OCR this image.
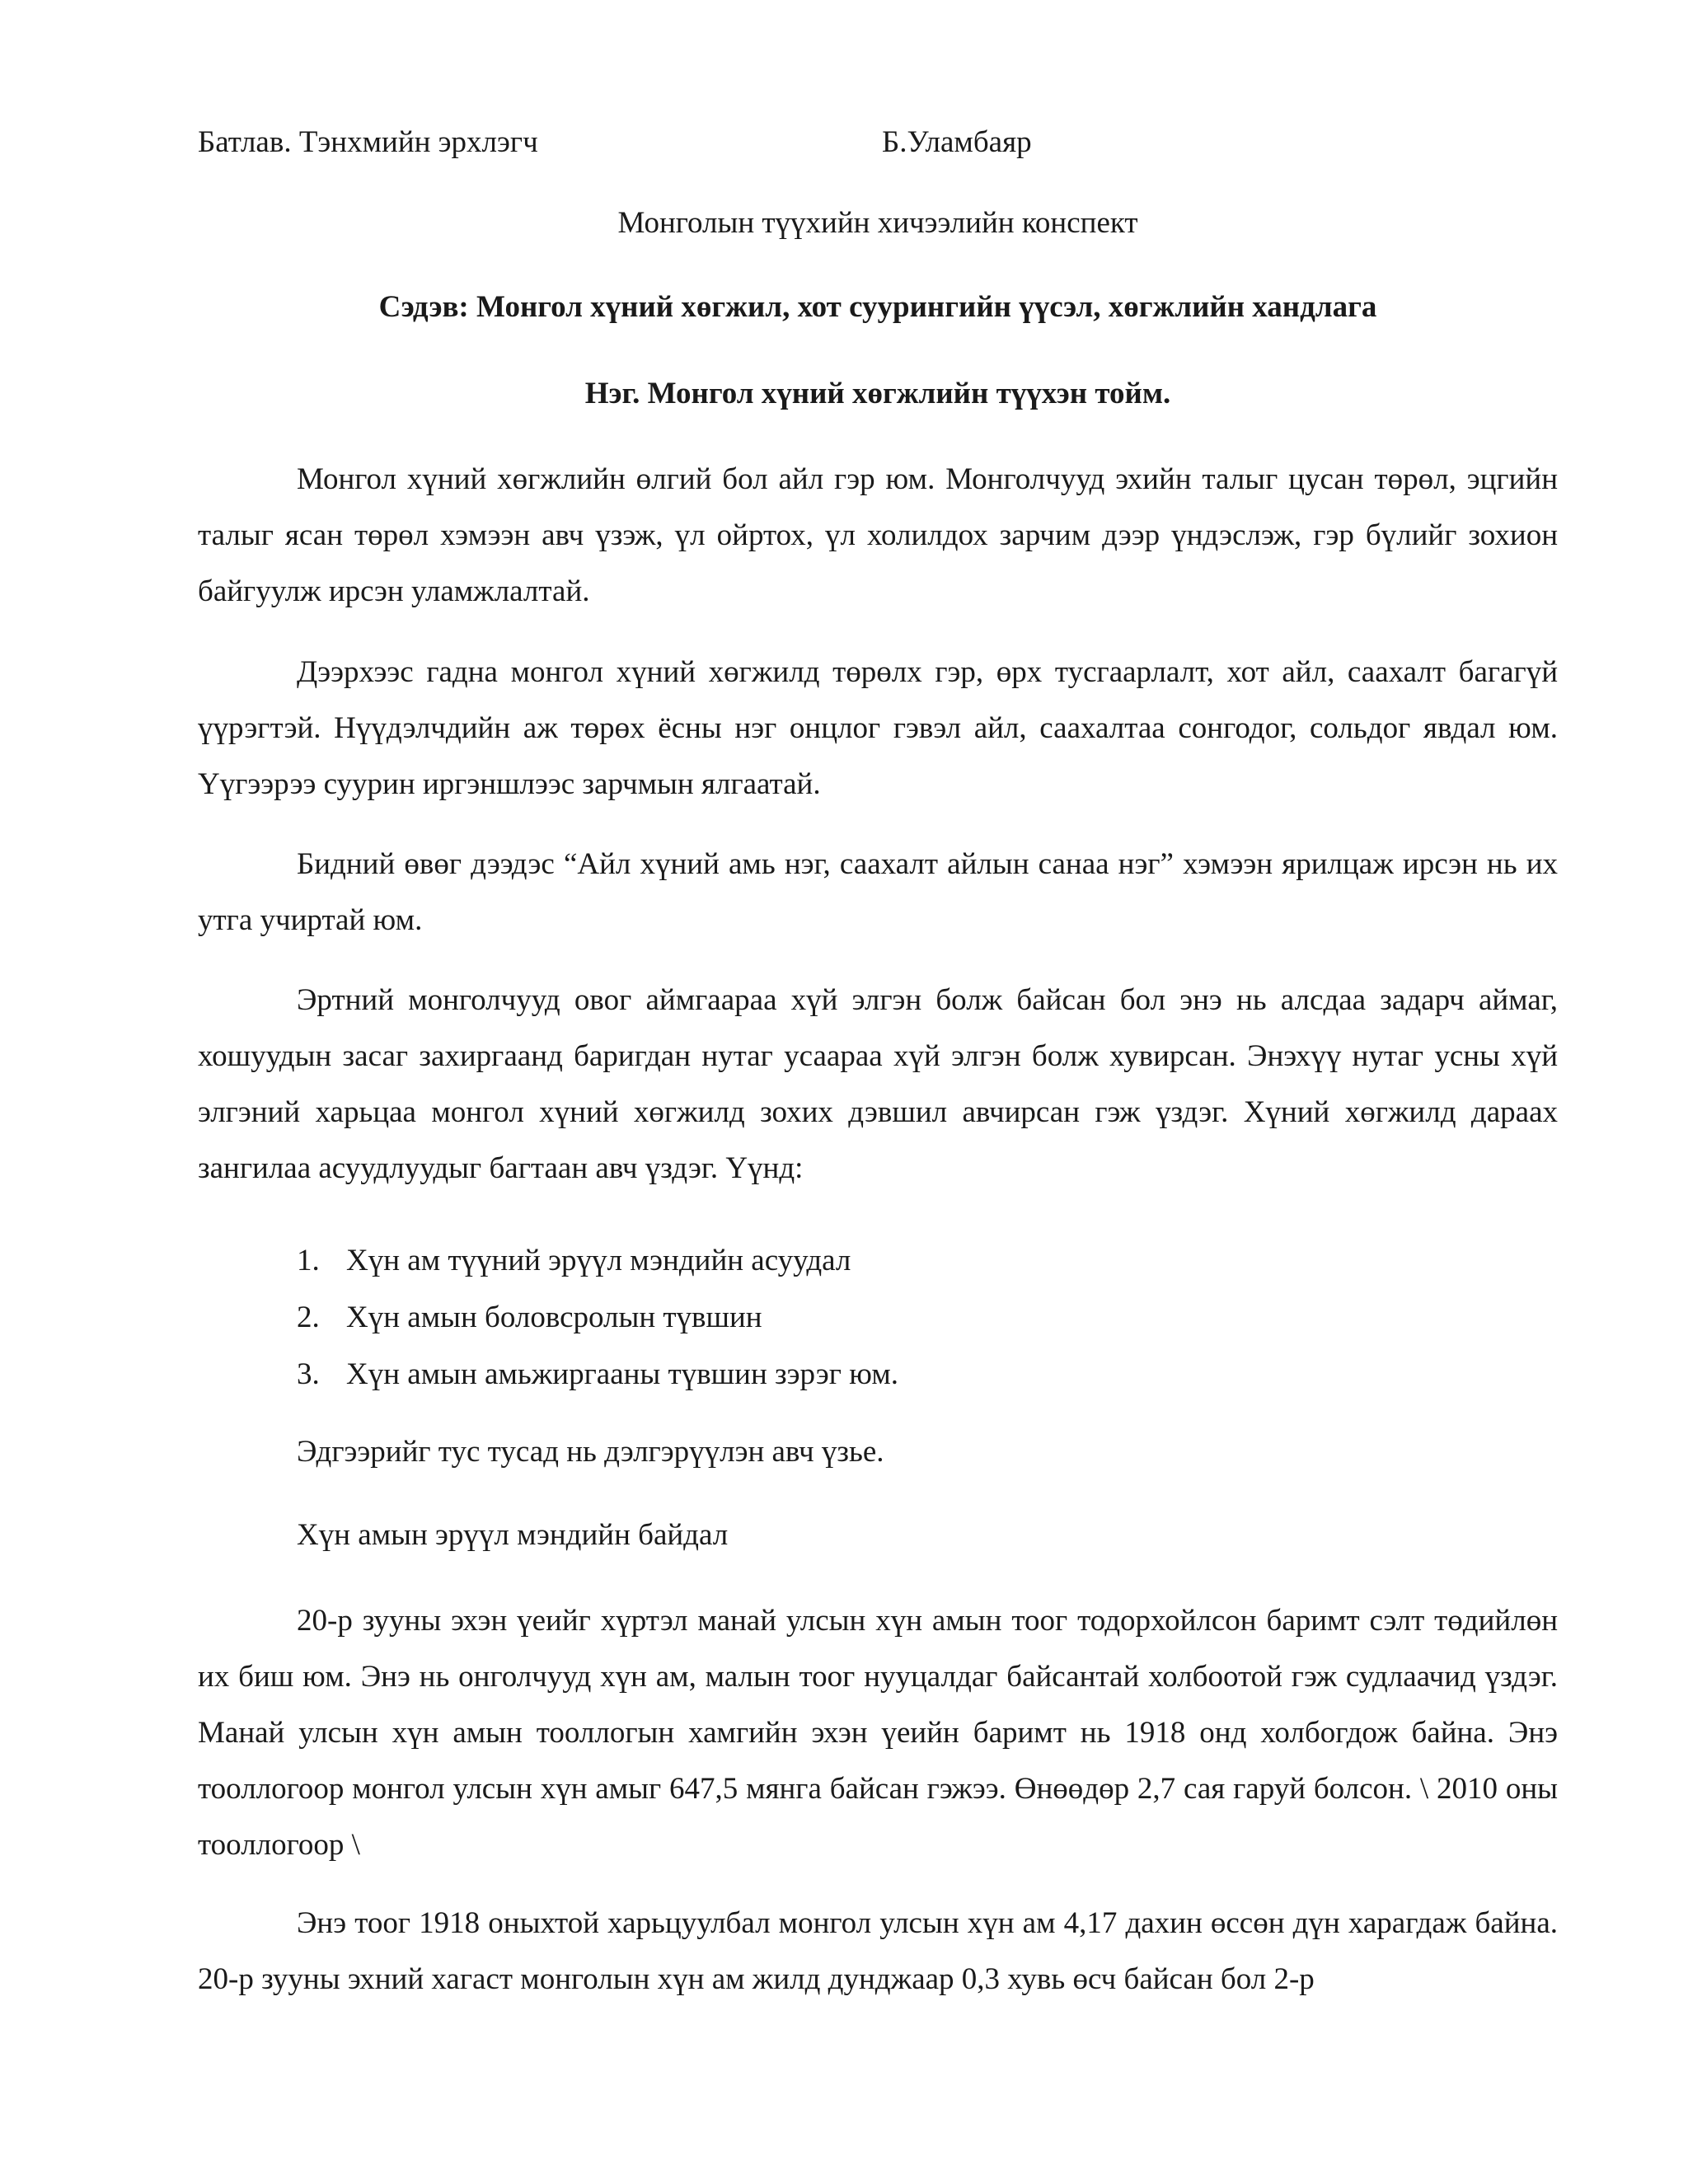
Батлав. Тэнхмийн эрхлэгч	Б.Уламбаяр
Монголын түүхийн хичээлийн конспект
Сэдэв: Монгол хүний хөгжил, хот суурингийн үүсэл, хөгжлийн хандлага
Нэг. Монгол хүний хөгжлийн түүхэн тойм.

Монгол хүний хөгжлийн өлгий бол айл гэр юм. Монголчууд эхийн талыг цусан төрөл, эцгийн талыг ясан төрөл хэмээн авч үзэж, үл ойртох, үл холилдох зарчим дээр үндэслэж, гэр бүлийг зохион байгуулж ирсэн уламжлалтай.

Дээрхээс гадна монгол хүний хөгжилд төрөлх гэр, өрх тусгаарлалт, хот айл, саахалт багагүй үүрэгтэй. Нүүдэлчдийн аж төрөх ёсны нэг онцлог гэвэл айл, саахалтаа сонгодог, сольдог явдал юм. Үүгээрээ суурин иргэншлээс зарчмын ялгаатай.

Бидний өвөг дээдэс “Айл хүний амь нэг, саахалт айлын санаа нэг” хэмээн ярилцаж ирсэн нь их утга учиртай юм.

Эртний монголчууд овог аймгаараа хүй элгэн болж байсан бол энэ нь алсдаа задарч аймаг, хошуудын засаг захиргаанд баригдан нутаг усаараа хүй элгэн болж хувирсан. Энэхүү нутаг усны хүй элгэний харьцаа монгол хүний хөгжилд зохих дэвшил авчирсан гэж үздэг. Хүний хөгжилд дараах зангилаа асуудлуудыг багтаан авч үздэг. Үүнд:

1. Хүн ам түүний эрүүл мэндийн асуудал
2. Хүн амын боловсролын түвшин
3. Хүн амын амьжиргааны түвшин зэрэг юм.
Эдгээрийг тус тусад нь дэлгэрүүлэн авч үзье.
Хүн амын эрүүл мэндийн байдал

20-р зууны эхэн үеийг хүртэл манай улсын хүн амын тоог тодорхойлсон баримт сэлт төдийлөн их биш юм. Энэ нь онголчууд хүн ам, малын тоог нууцалдаг байсантай холбоотой гэж судлаачид үздэг. Манай улсын хүн амын тооллогын хамгийн эхэн үеийн баримт нь 1918 онд холбогдож байна. Энэ тооллогоор монгол улсын хүн амыг 647,5 мянга байсан гэжээ. Өнөөдөр 2,7 сая гаруй болсон. \ 2010 оны тооллогоор \

Энэ тоог 1918 оныхтой харьцуулбал монгол улсын хүн ам 4,17 дахин өссөн дүн харагдаж байна. 20-р зууны эхний хагаст монголын хүн ам жилд дунджаар 0,3 хувь өсч байсан бол 2-р
